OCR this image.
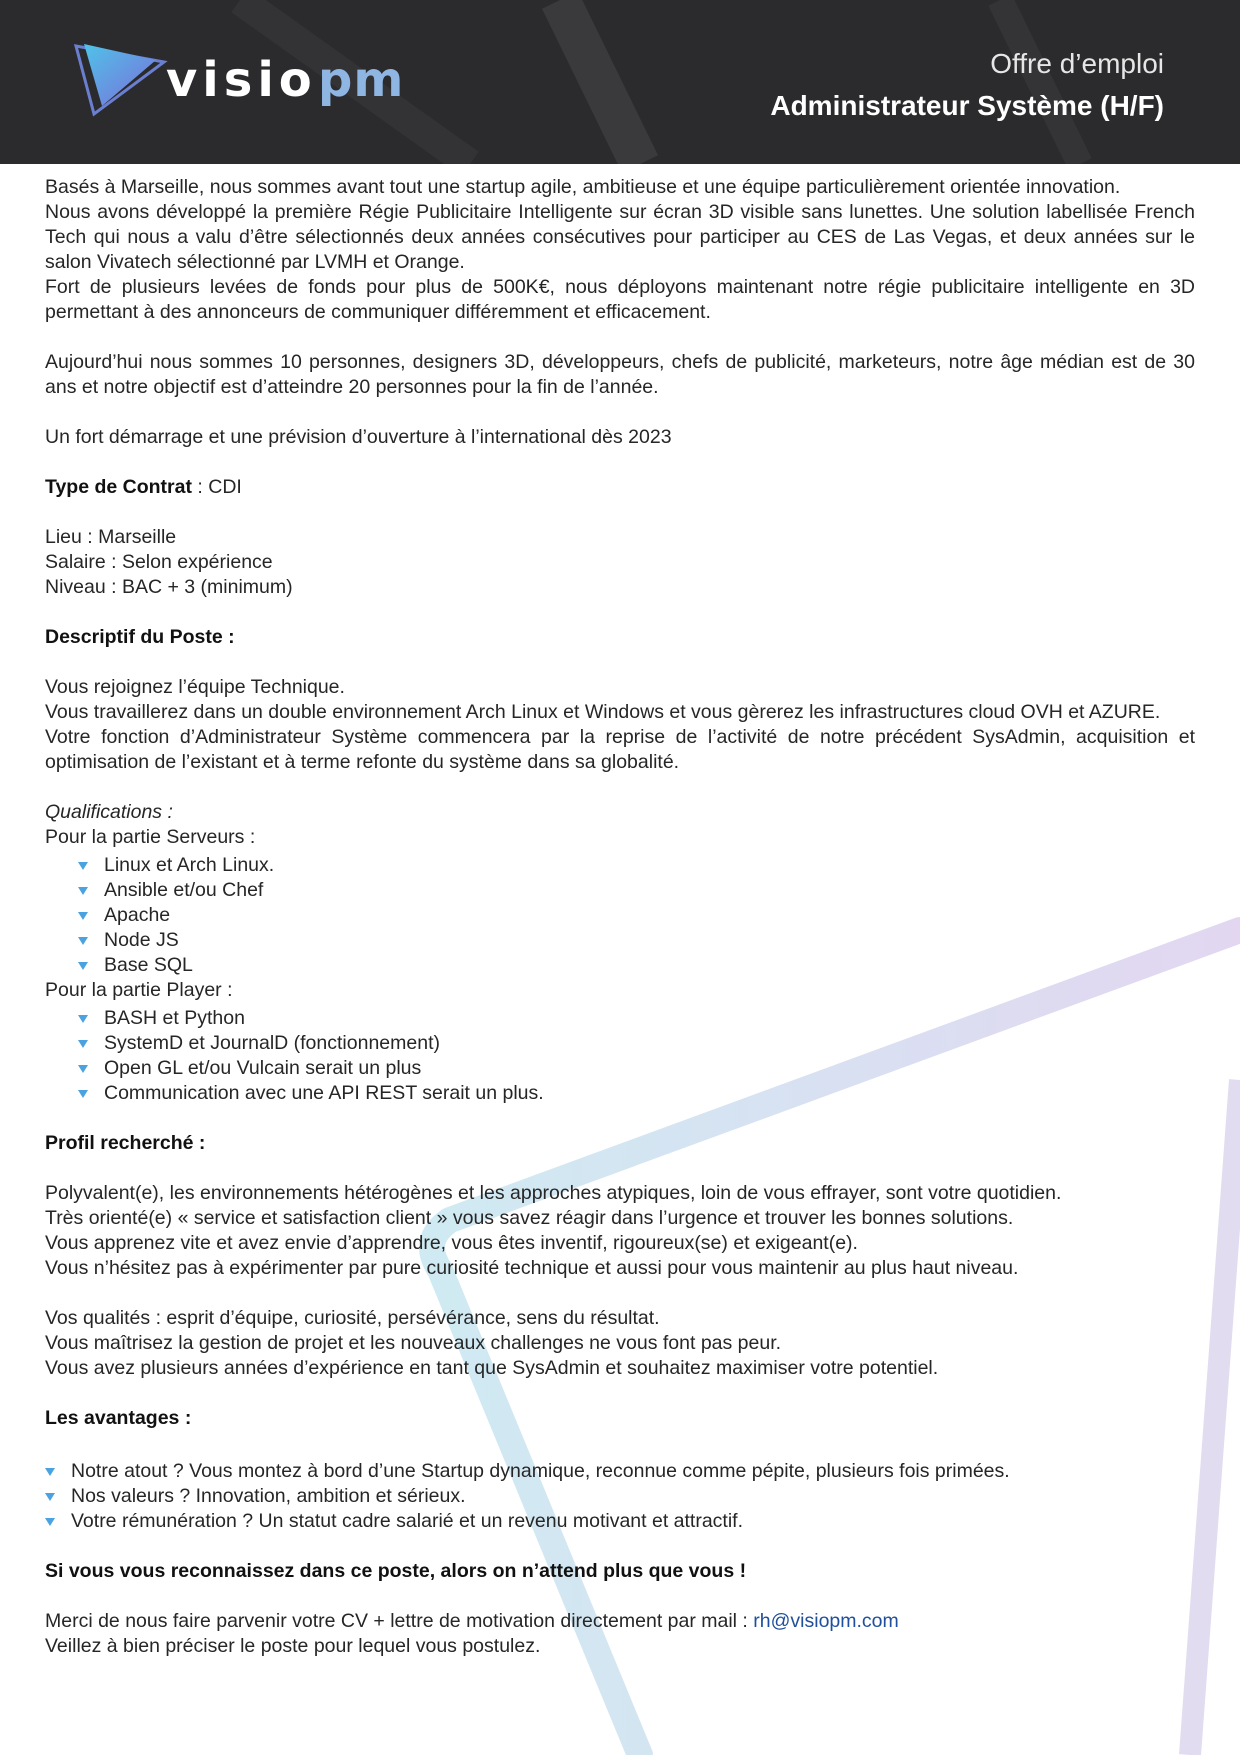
visio pm	Offre d’emploi
Administrateur Système (H/F)

Basés à Marseille, nous sommes avant tout une startup agile, ambitieuse et une équipe particulièrement orientée innovation.

Nous avons développé la première Régie Publicitaire Intelligente sur écran 3D visible sans lunettes. Une solution labellisée French Tech qui nous a valu d’être sélectionnés deux années consécutives pour participer au CES de Las Vegas, et deux années sur le salon Vivatech sélectionné par LVMH et Orange.

Fort de plusieurs levées de fonds pour plus de 500K€, nous déployons maintenant notre régie publicitaire intelligente en 3D permettant à des annonceurs de communiquer différemment et efficacement.

Aujourd’hui nous sommes 10 personnes, designers 3D, développeurs, chefs de publicité, marketeurs, notre âge médian est de 30 ans et notre objectif est d’atteindre 20 personnes pour la fin de l’année.

Un fort démarrage et une prévision d’ouverture à l’international dès 2023

Type de Contrat : CDI

Lieu : Marseille

Salaire : Selon expérience

Niveau : BAC + 3 (minimum)

Descriptif du Poste :

Vous rejoignez l’équipe Technique.

Vous travaillerez dans un double environnement Arch Linux et Windows et vous gèrerez les infrastructures cloud OVH et AZURE.

Votre fonction d’Administrateur Système commencera par la reprise de l’activité de notre précédent SysAdmin, acquisition et optimisation de l’existant et à terme refonte du système dans sa globalité.

Qualifications :

Pour la partie Serveurs :

Linux et Arch Linux.
Ansible et/ou Chef
Apache
Node JS
Base SQL

Pour la partie Player :

BASH et Python
SystemD et JournalD (fonctionnement)
Open GL et/ou Vulcain serait un plus
Communication avec une API REST serait un plus.

Profil recherché :

Polyvalent(e), les environnements hétérogènes et les approches atypiques, loin de vous effrayer, sont votre quotidien.

Très orienté(e) « service et satisfaction client » vous savez réagir dans l’urgence et trouver les bonnes solutions.

Vous apprenez vite et avez envie d’apprendre, vous êtes inventif, rigoureux(se) et exigeant(e).

Vous n’hésitez pas à expérimenter par pure curiosité technique et aussi pour vous maintenir au plus haut niveau.

Vos qualités : esprit d’équipe, curiosité, persévérance, sens du résultat.

Vous maîtrisez la gestion de projet et les nouveaux challenges ne vous font pas peur.

Vous avez plusieurs années d’expérience en tant que SysAdmin et souhaitez maximiser votre potentiel.

Les avantages :

Notre atout ? Vous montez à bord d’une Startup dynamique, reconnue comme pépite, plusieurs fois primées.
Nos valeurs ? Innovation, ambition et sérieux.
Votre rémunération ? Un statut cadre salarié et un revenu motivant et attractif.

Si vous vous reconnaissez dans ce poste, alors on n’attend plus que vous !

Merci de nous faire parvenir votre CV + lettre de motivation directement par mail : rh@visiopm.com

Veillez à bien préciser le poste pour lequel vous postulez.
